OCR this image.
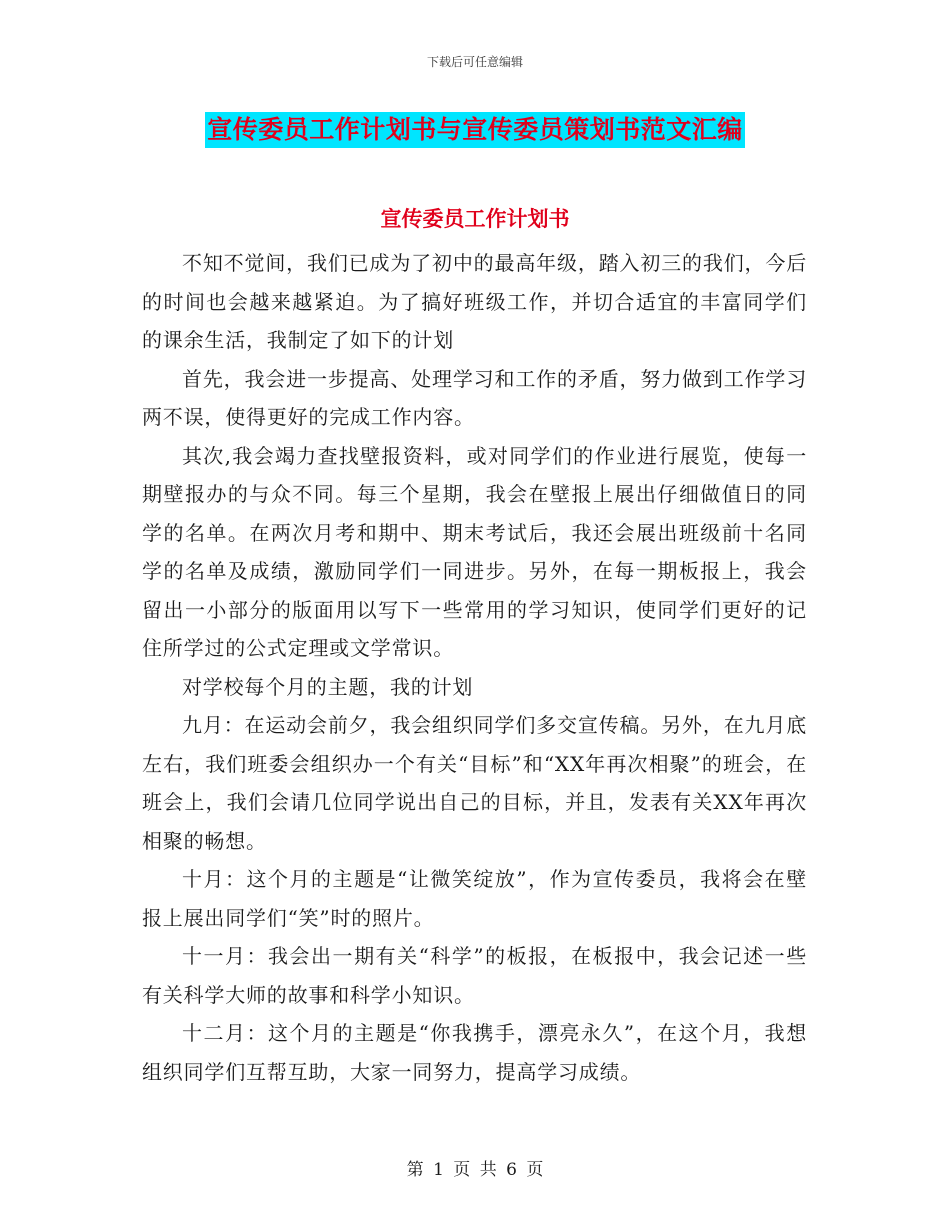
下载后可任意编辑
宣传委员工作计划书与宣传委员策划书范文汇编
宣传委员工作计划书

不知不觉间，我们已成为了初中的最高年级，踏入初三的我们，今后的时间也会越来越紧迫。为了搞好班级工作，并切合适宜的丰富同学们的课余生活，我制定了如下的计划

首先，我会进一步提高、处理学习和工作的矛盾，努力做到工作学习两不误，使得更好的完成工作内容。

其次,我会竭力查找壁报资料，或对同学们的作业进行展览，使每一期壁报办的与众不同。每三个星期，我会在壁报上展出仔细做值日的同学的名单。在两次月考和期中、期末考试后，我还会展出班级前十名同学的名单及成绩，激励同学们一同进步。另外，在每一期板报上，我会留出一小部分的版面用以写下一些常用的学习知识，使同学们更好的记住所学过的公式定理或文学常识。

对学校每个月的主题，我的计划

九月：在运动会前夕，我会组织同学们多交宣传稿。另外，在九月底左右，我们班委会组织办一个有关“目标”和“XX年再次相聚”的班会，在班会上，我们会请几位同学说出自己的目标，并且，发表有关XX年再次相聚的畅想。

十月：这个月的主题是“让微笑绽放”，作为宣传委员，我将会在壁报上展出同学们“笑”时的照片。

十一月：我会出一期有关“科学”的板报，在板报中，我会记述一些有关科学大师的故事和科学小知识。

十二月：这个月的主题是“你我携手，漂亮永久”，在这个月，我想组织同学们互帮互助，大家一同努力，提高学习成绩。

第 1 页 共 6 页
